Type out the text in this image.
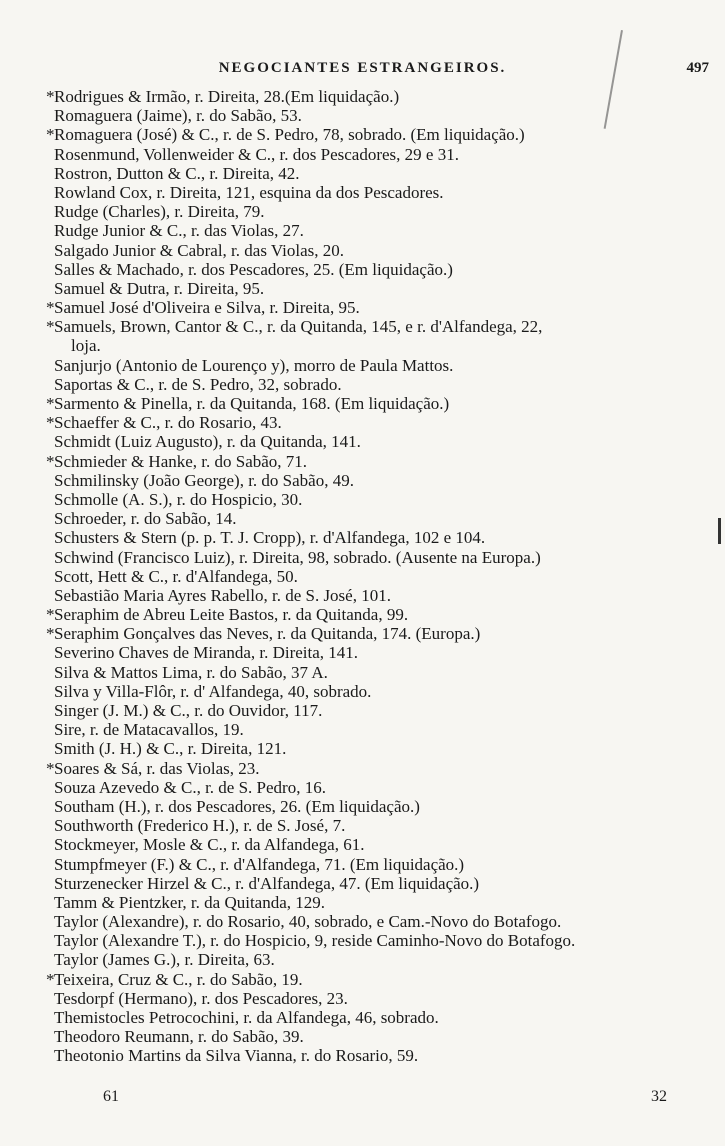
NEGOCIANTES ESTRANGEIROS.	497
*Rodrigues & Irmão, r. Direita, 28.(Em liquidação.)
Romaguera (Jaime), r. do Sabão, 53.
*Romaguera (José) & C., r. de S. Pedro, 78, sobrado. (Em liquidação.)
Rosenmund, Vollenweider & C., r. dos Pescadores, 29 e 31.
Rostron, Dutton & C., r. Direita, 42.
Rowland Cox, r. Direita, 121, esquina da dos Pescadores.
Rudge (Charles), r. Direita, 79.
Rudge Junior & C., r. das Violas, 27.
Salgado Junior & Cabral, r. das Violas, 20.
Salles & Machado, r. dos Pescadores, 25. (Em liquidação.)
Samuel & Dutra, r. Direita, 95.
*Samuel José d'Oliveira e Silva, r. Direita, 95.
*Samuels, Brown, Cantor & C., r. da Quitanda, 145, e r. d'Alfandega, 22,
loja.
Sanjurjo (Antonio de Lourenço y), morro de Paula Mattos.
Saportas & C., r. de S. Pedro, 32, sobrado.
*Sarmento & Pinella, r. da Quitanda, 168. (Em liquidação.)
*Schaeffer & C., r. do Rosario, 43.
Schmidt (Luiz Augusto), r. da Quitanda, 141.
*Schmieder & Hanke, r. do Sabão, 71.
Schmilinsky (João George), r. do Sabão, 49.
Schmolle (A. S.), r. do Hospicio, 30.
Schroeder, r. do Sabão, 14.
Schusters & Stern (p. p. T. J. Cropp), r. d'Alfandega, 102 e 104.
Schwind (Francisco Luiz), r. Direita, 98, sobrado. (Ausente na Europa.)
Scott, Hett & C., r. d'Alfandega, 50.
Sebastião Maria Ayres Rabello, r. de S. José, 101.
*Seraphim de Abreu Leite Bastos, r. da Quitanda, 99.
*Seraphim Gonçalves das Neves, r. da Quitanda, 174. (Europa.)
Severino Chaves de Miranda, r. Direita, 141.
Silva & Mattos Lima, r. do Sabão, 37 A.
Silva y Villa-Flôr, r. d' Alfandega, 40, sobrado.
Singer (J. M.) & C., r. do Ouvidor, 117.
Sire, r. de Matacavallos, 19.
Smith (J. H.) & C., r. Direita, 121.
*Soares & Sá, r. das Violas, 23.
Souza Azevedo & C., r. de S. Pedro, 16.
Southam (H.), r. dos Pescadores, 26. (Em liquidação.)
Southworth (Frederico H.), r. de S. José, 7.
Stockmeyer, Mosle & C., r. da Alfandega, 61.
Stumpfmeyer (F.) & C., r. d'Alfandega, 71. (Em liquidação.)
Sturzenecker Hirzel & C., r. d'Alfandega, 47. (Em liquidação.)
Tamm & Pientzker, r. da Quitanda, 129.
Taylor (Alexandre), r. do Rosario, 40, sobrado, e Cam.-Novo do Botafogo.
Taylor (Alexandre T.), r. do Hospicio, 9, reside Caminho-Novo do Botafogo.
Taylor (James G.), r. Direita, 63.
*Teixeira, Cruz & C., r. do Sabão, 19.
Tesdorpf (Hermano), r. dos Pescadores, 23.
Themistocles Petrocochini, r. da Alfandega, 46, sobrado.
Theodoro Reumann, r. do Sabão, 39.
Theotonio Martins da Silva Vianna, r. do Rosario, 59.
61	32
